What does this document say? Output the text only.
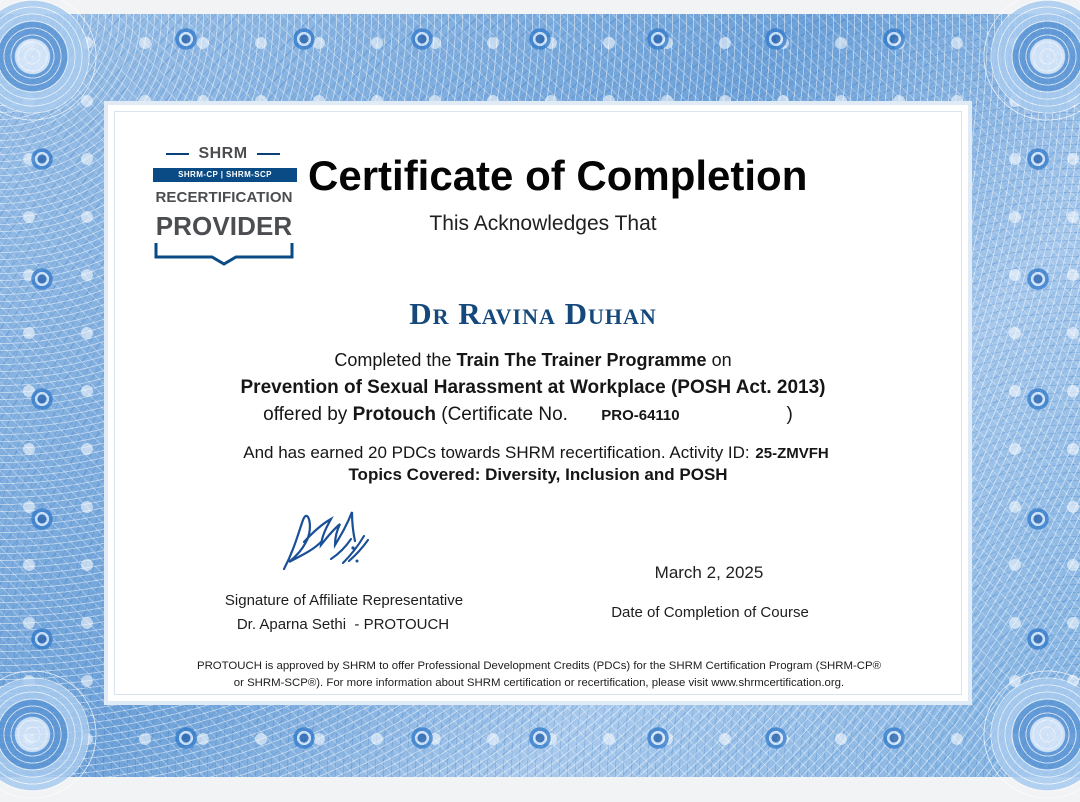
SHRM
SHRM-CP | SHRM-SCP
RECERTIFICATION
PROVIDER
Certificate of Completion
This Acknowledges That
Dr Ravina Duhan
Completed the Train The Trainer Programme on
Prevention of Sexual Harassment at Workplace (POSH Act. 2013)
offered by Protouch (Certificate No. PRO-64110	)
And has earned 20 PDCs towards SHRM recertification. Activity ID: 25-ZMVFH
Topics Covered: Diversity, Inclusion and POSH
March 2, 2025
Signature of Affiliate Representative
Dr. Aparna Sethi  - PROTOUCH
Date of Completion of Course
PROTOUCH is approved by SHRM to offer Professional Development Credits (PDCs) for the SHRM Certification Program (SHRM-CP®
or SHRM-SCP®). For more information about SHRM certification or recertification, please visit www.shrmcertification.org.
